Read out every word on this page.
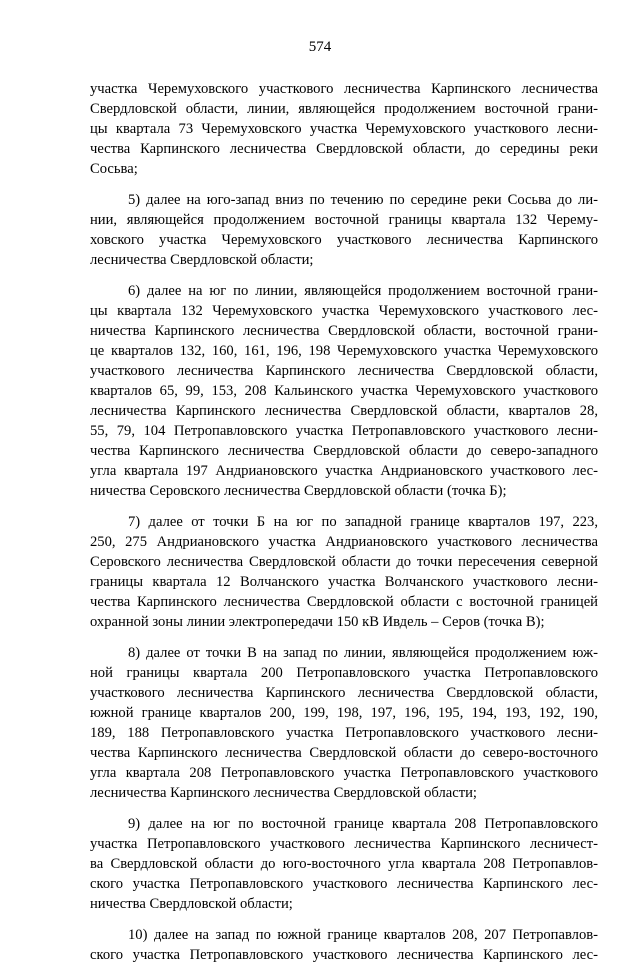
574
участка Черемуховского участкового лесничества Карпинского лесничества
Свердловской области, линии, являющейся продолжением восточной грани-
цы квартала 73 Черемуховского участка Черемуховского участкового лесни-
чества Карпинского лесничества Свердловской области, до середины реки
Сосьва;
5) далее на юго-запад вниз по течению по середине реки Сосьва до ли-
нии, являющейся продолжением восточной границы квартала 132 Черему-
ховского участка Черемуховского участкового лесничества Карпинского
лесничества Свердловской области;
6) далее на юг по линии, являющейся продолжением восточной грани-
цы квартала 132 Черемуховского участка Черемуховского участкового лес-
ничества Карпинского лесничества Свердловской области, восточной грани-
це кварталов 132, 160, 161, 196, 198 Черемуховского участка Черемуховского
участкового лесничества Карпинского лесничества Свердловской области,
кварталов 65, 99, 153, 208 Кальинского участка Черемуховского участкового
лесничества Карпинского лесничества Свердловской области, кварталов 28,
55, 79, 104 Петропавловского участка Петропавловского участкового лесни-
чества Карпинского лесничества Свердловской области до северо-западного
угла квартала 197 Андриановского участка Андриановского участкового лес-
ничества Серовского лесничества Свердловской области (точка Б);
7) далее от точки Б на юг по западной границе кварталов 197, 223,
250, 275 Андриановского участка Андриановского участкового лесничества
Серовского лесничества Свердловской области до точки пересечения северной
границы квартала 12 Волчанского участка Волчанского участкового лесни-
чества Карпинского лесничества Свердловской области с восточной границей
охранной зоны линии электропередачи 150 кВ Ивдель – Серов (точка В);
8) далее от точки В на запад по линии, являющейся продолжением юж-
ной границы квартала 200 Петропавловского участка Петропавловского
участкового лесничества Карпинского лесничества Свердловской области,
южной границе кварталов 200, 199, 198, 197, 196, 195, 194, 193, 192, 190,
189, 188 Петропавловского участка Петропавловского участкового лесни-
чества Карпинского лесничества Свердловской области до северо-восточного
угла квартала 208 Петропавловского участка Петропавловского участкового
лесничества Карпинского лесничества Свердловской области;
9) далее на юг по восточной границе квартала 208 Петропавловского
участка Петропавловского участкового лесничества Карпинского лесничест-
ва Свердловской области до юго-восточного угла квартала 208 Петропавлов-
ского участка Петропавловского участкового лесничества Карпинского лес-
ничества Свердловской области;
10) далее на запад по южной границе кварталов 208, 207 Петропавлов-
ского участка Петропавловского участкового лесничества Карпинского лес-
